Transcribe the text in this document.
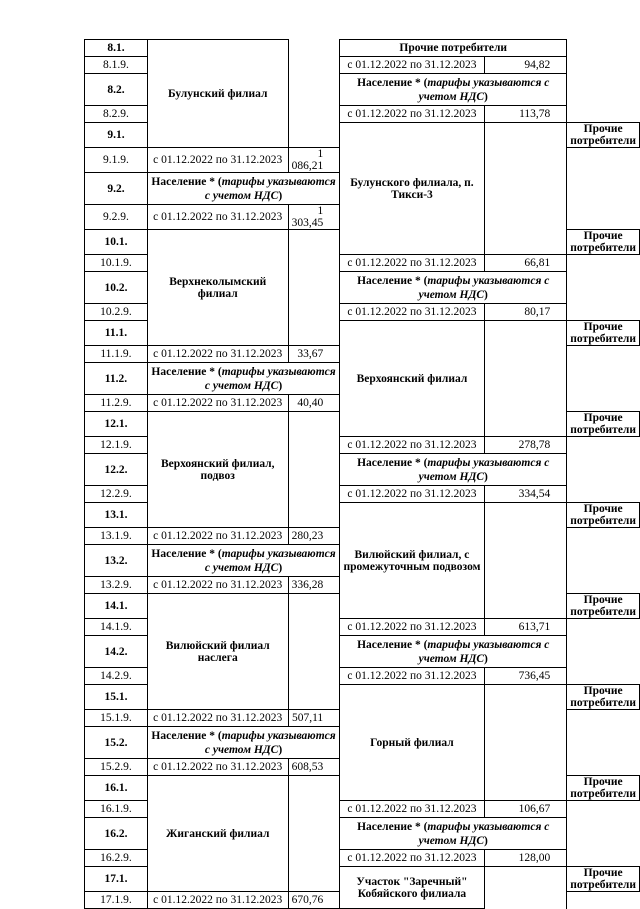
8.1.	Булунский филиал		Прочие потребители		
8.1.9.			с 01.12.2022 по 31.12.2023	94,82	
8.2.			Население * (тарифы указываются с учетом НДС)		
8.2.9.			с 01.12.2022 по 31.12.2023	113,78	
9.1.			Булунского филиала, п. Тикси-3		Прочие потребители
9.1.9.	с 01.12.2022 по 31.12.2023	1 086,21			
9.2.	Население * (тарифы указываются с учетом НДС)				
9.2.9.	с 01.12.2022 по 31.12.2023	1 303,45			
10.1.	Верхнеколымский филиал				Прочие потребители
10.1.9.			с 01.12.2022 по 31.12.2023	66,81	
10.2.			Население * (тарифы указываются с учетом НДС)		
10.2.9.			с 01.12.2022 по 31.12.2023	80,17	
11.1.			Верхоянский филиал		Прочие потребители
11.1.9.	с 01.12.2022 по 31.12.2023	33,67			
11.2.	Население * (тарифы указываются с учетом НДС)				
11.2.9.	с 01.12.2022 по 31.12.2023	40,40			
12.1.	Верхоянский филиал, подвоз				Прочие потребители
12.1.9.			с 01.12.2022 по 31.12.2023	278,78	
12.2.			Население * (тарифы указываются с учетом НДС)		
12.2.9.			с 01.12.2022 по 31.12.2023	334,54	
13.1.			Вилюйский филиал, с промежуточным подвозом		Прочие потребители
13.1.9.	с 01.12.2022 по 31.12.2023	280,23			
13.2.	Население * (тарифы указываются с учетом НДС)				
13.2.9.	с 01.12.2022 по 31.12.2023	336,28			
14.1.	Вилюйский филиал наслега				Прочие потребители
14.1.9.			с 01.12.2022 по 31.12.2023	613,71	
14.2.			Население * (тарифы указываются с учетом НДС)		
14.2.9.			с 01.12.2022 по 31.12.2023	736,45	
15.1.			Горный филиал		Прочие потребители
15.1.9.	с 01.12.2022 по 31.12.2023	507,11			
15.2.	Население * (тарифы указываются с учетом НДС)				
15.2.9.	с 01.12.2022 по 31.12.2023	608,53			
16.1.	Жиганский филиал				Прочие потребители
16.1.9.			с 01.12.2022 по 31.12.2023	106,67	
16.2.			Население * (тарифы указываются с учетом НДС)		
16.2.9.			с 01.12.2022 по 31.12.2023	128,00	
17.1.			Участок "Заречный" Кобяйского филиала		Прочие потребители
17.1.9.	с 01.12.2022 по 31.12.2023	670,76			
